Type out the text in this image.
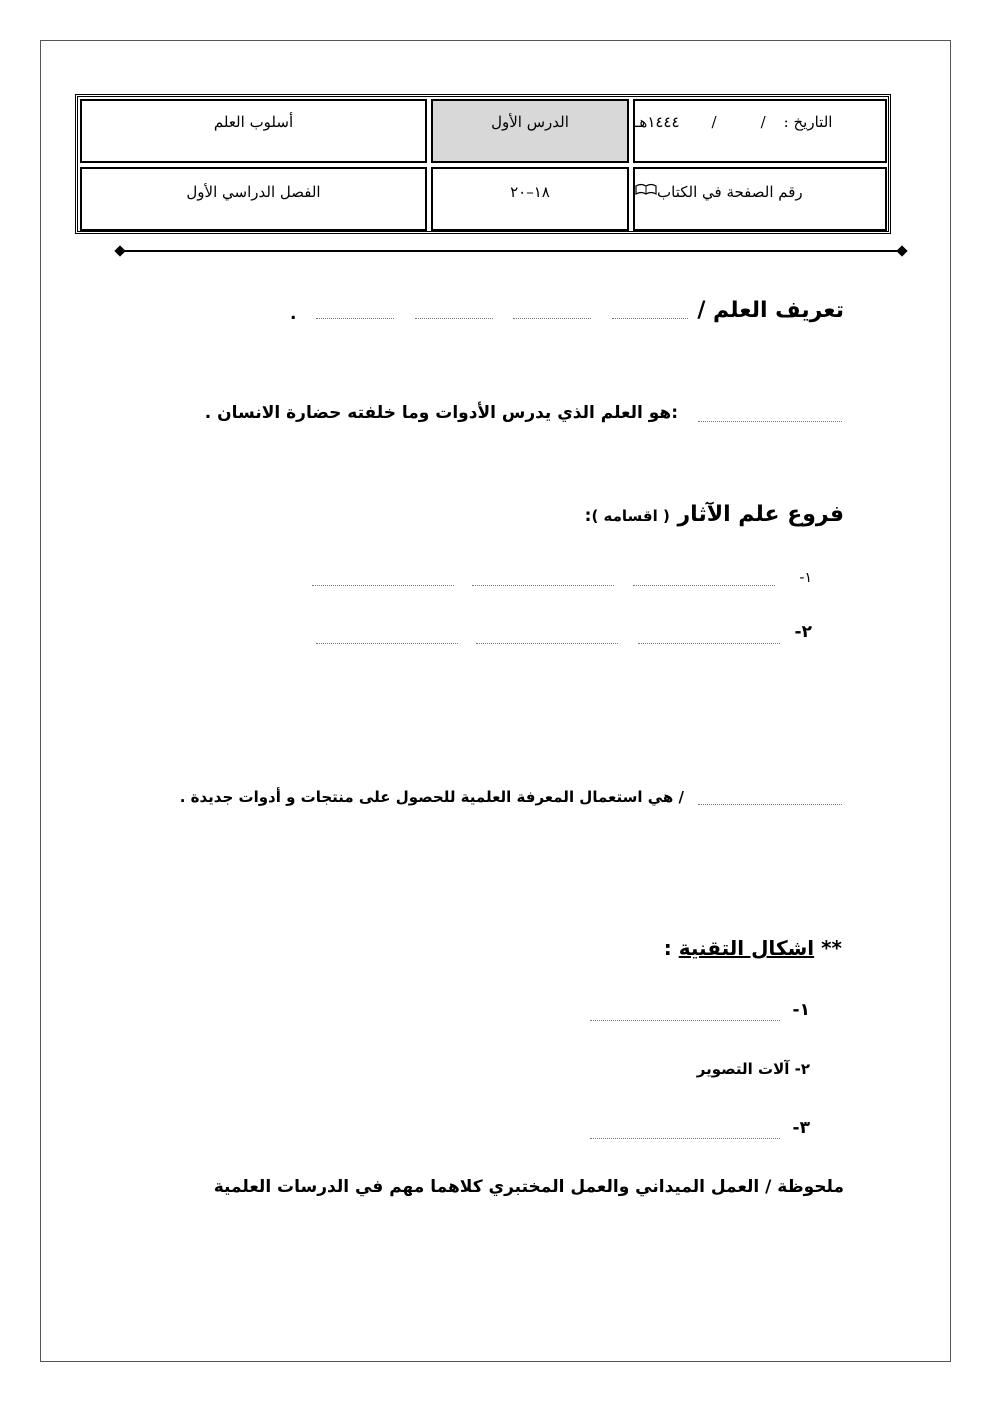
التاريخ :
/
/
١٤٤٤هـ
الدرس الأول
أسلوب العلم
رقم الصفحة في الكتاب
١٨–٢٠
الفصل الدراسي الأول
تعريف العلم /
.
:هو العلم الذي يدرس الأدوات وما خلفته حضارة الانسان .
فروع علم الآثار ( اقسامه ):
١-
٢-
/ هي استعمال المعرفة العلمية للحصول على منتجات و أدوات جديدة .
** اشكال التقنية :
١-
٢- آلات التصوير
٣-
ملحوظة / العمل الميداني والعمل المختبري كلاهما مهم في الدرسات العلمية
